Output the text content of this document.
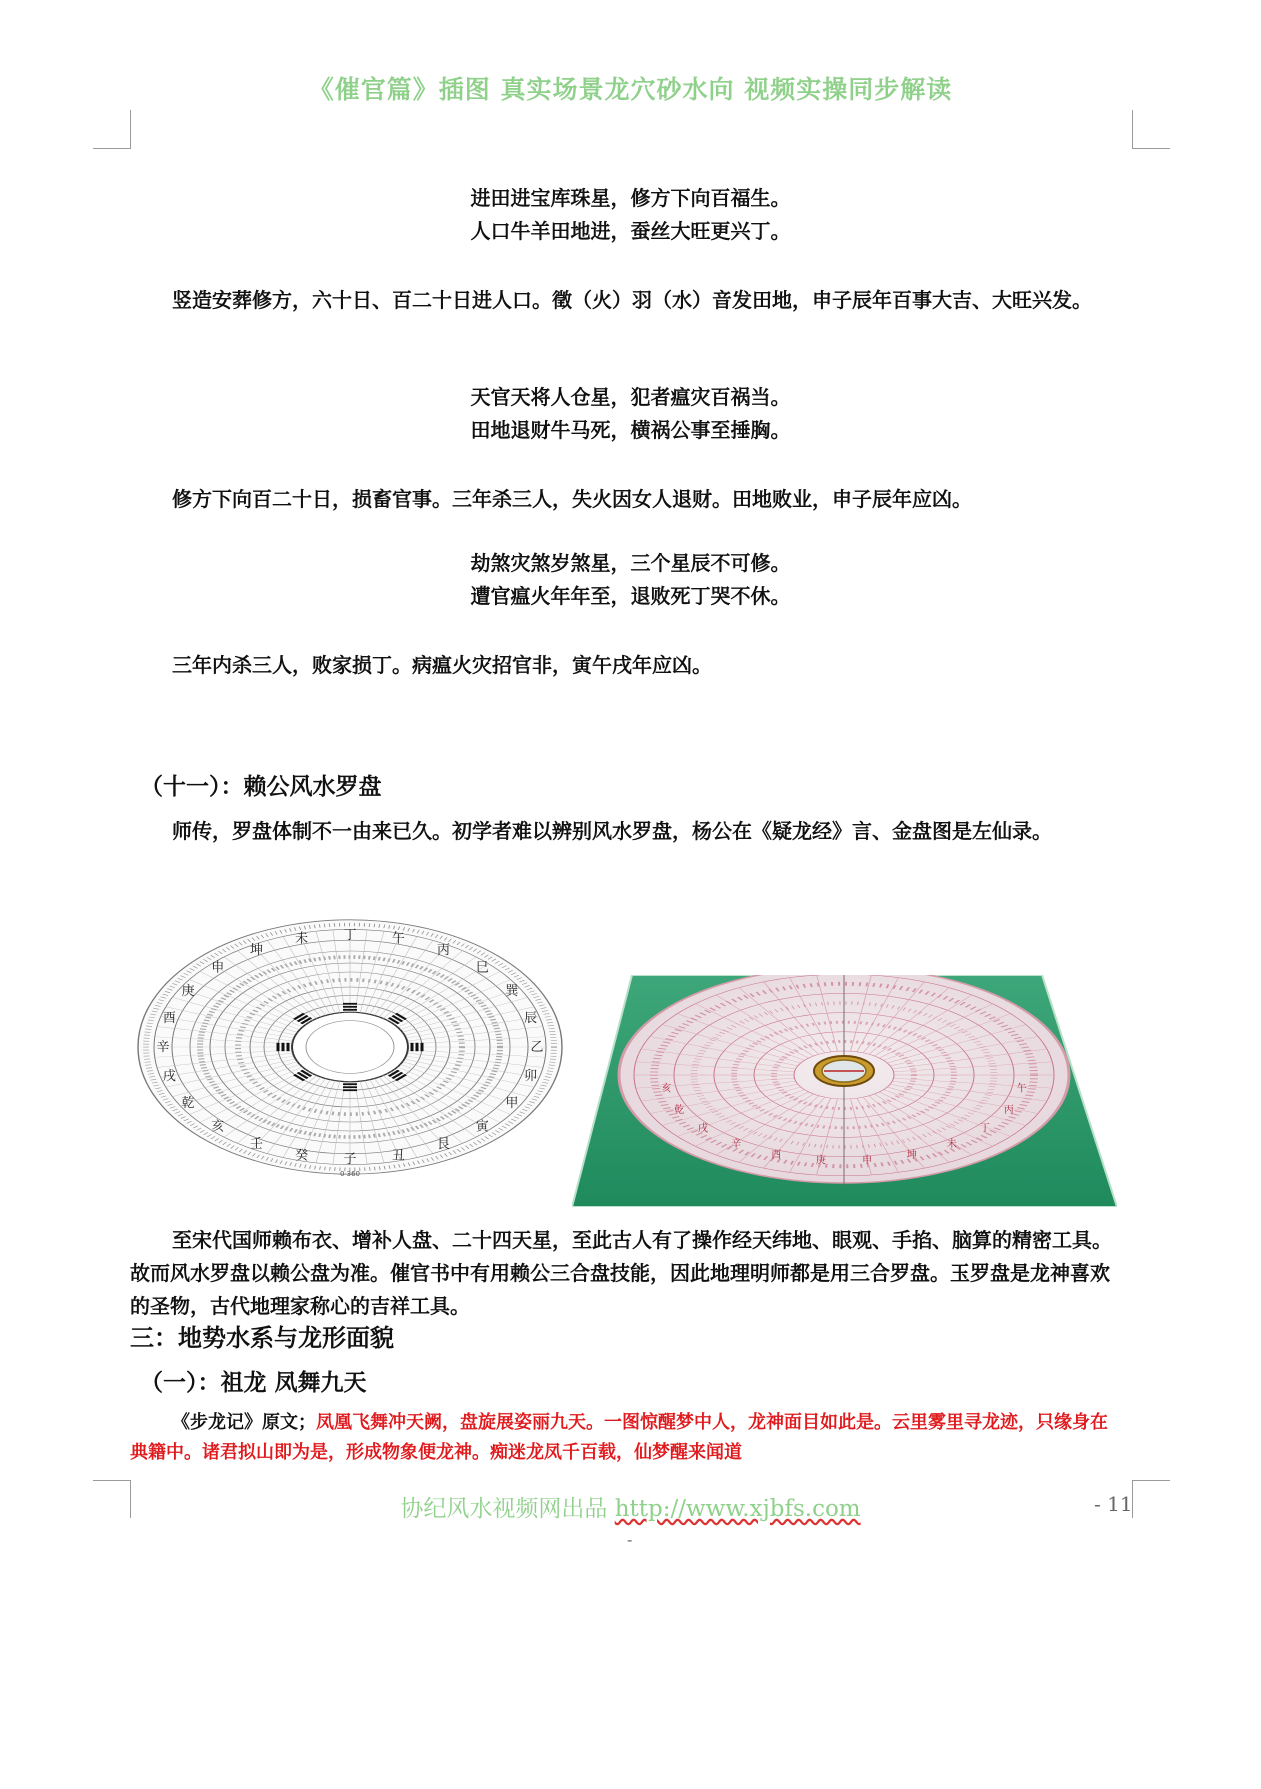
《催官篇》插图 真实场景龙穴砂水向 视频实操同步解读
进田进宝库珠星，修方下向百福生。
人口牛羊田地进，蚕丝大旺更兴丁。
竖造安葬修方，六十日、百二十日进人口。徵（火）羽（水）音发田地，申子辰年百事大吉、大旺兴发。
天官天将人仓星，犯者瘟灾百祸当。
田地退财牛马死，横祸公事至捶胸。
修方下向百二十日，损畜官事。三年杀三人，失火因女人退财。田地败业，申子辰年应凶。
劫煞灾煞岁煞星，三个星辰不可修。
遭官瘟火年年至，退败死丁哭不休。
三年内杀三人，败家损丁。病瘟火灾招官非，寅午戌年应凶。
（十一）：赖公风水罗盘
师传，罗盘体制不一由来已久。初学者难以辨别风水罗盘，杨公在《疑龙经》言、金盘图是左仙录。
子
癸
壬
亥
乾
戌
辛
酉
庚
申
坤
未	丁	午
丙
巳
巽
辰
乙
卯
甲
寅
艮
丑
0 360
午
丙
丁
未
坤
申
庚
酉
辛
戌
乾
亥
至宋代国师赖布衣、增补人盘、二十四天星，至此古人有了操作经天纬地、眼观、手掐、脑算的精密工具。故而风水罗盘以赖公盘为准。催官书中有用赖公三合盘技能，因此地理明师都是用三合罗盘。玉罗盘是龙神喜欢的圣物，古代地理家称心的吉祥工具。
三：地势水系与龙形面貌
协纪风水视频网出品 http://www.xjbfs.com	- 11
-
（一）：祖龙 凤舞九天
《步龙记》原文；凤凰飞舞冲天阙，盘旋展姿丽九天。一图惊醒梦中人，龙神面目如此是。云里雾里寻龙迹，只缘身在典籍中。诸君拟山即为是，形成物象便龙神。痴迷龙凤千百载，仙梦醒来闻道
